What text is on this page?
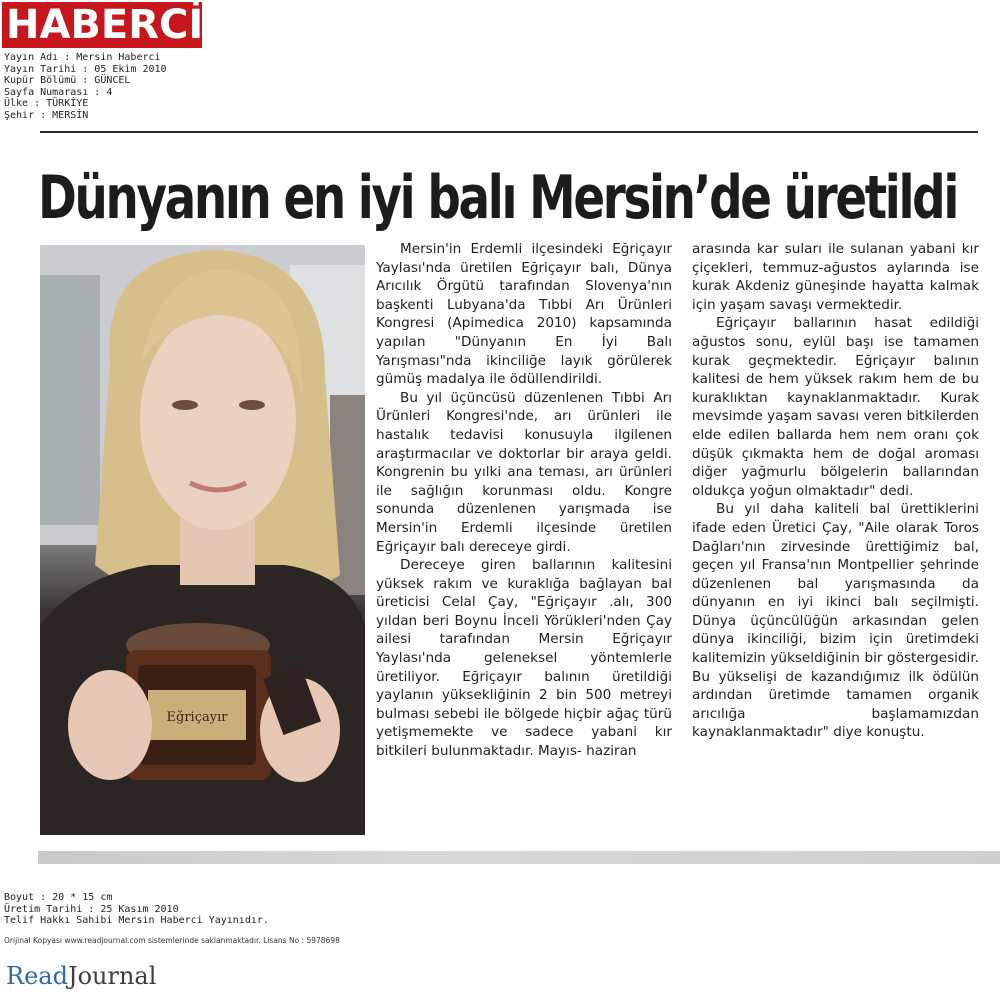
HABERCİ
Yayın Adı : Mersin Haberci
Yayın Tarihi : 05 Ekim 2010
Kupür Bölümü : GÜNCEL
Sayfa Numarası : 4
Ülke : TÜRKİYE
Şehir : MERSİN
Dünyanın en iyi balı Mersin’de üretildi
Eğriçayır

Mersin'in Erdemli ilçesindeki Eğriçayır Yaylası'nda üretilen Eğriçayır balı, Dünya Arıcılık Örgütü tarafından Slovenya'nın başkenti Lubyana'da Tıbbi Arı Ürünleri Kongresi (Apimedica 2010) kapsamında yapılan "Dünyanın En İyi Balı Yarışması"nda ikinciliğe layık görülerek gümüş madalya ile ödüllendirildi.

Bu yıl üçüncüsü düzenlenen Tıbbi Arı Ürünleri Kongresi'nde, arı ürünleri ile hastalık tedavisi konusuyla ilgilenen araştırmacılar ve doktorlar bir araya geldi. Kongrenin bu yılki ana teması, arı ürünleri ile sağlığın korunması oldu. Kongre sonunda düzenlenen yarışmada ise Mersin'in Erdemli ilçesinde üretilen Eğriçayır balı dereceye girdi.

Dereceye giren ballarının kalitesini yüksek rakım ve kuraklığa bağlayan bal üreticisi Celal Çay, "Eğriçayır .alı, 300 yıldan beri Boynu İnceli Yörükleri'nden Çay ailesi tarafından Mersin Eğriçayır Yaylası'nda geleneksel yöntemlerle üretiliyor. Eğriçayır balının üretildiği yaylanın yüksekliğinin 2 bin 500 metreyi bulması sebebi ile bölgede hiçbir ağaç türü yetişmemekte ve sadece yabani kır bitkileri bulunmaktadır. Mayıs- haziran

arasında kar suları ile sulanan yabani kır çiçekleri, temmuz-ağustos aylarında ise kurak Akdeniz güneşinde hayatta kalmak için yaşam savaşı vermektedir.

Eğriçayır ballarının hasat edildiği ağustos sonu, eylül başı ise tamamen kurak geçmektedir. Eğriçayır balının kalitesi de hem yüksek rakım hem de bu kuraklıktan kaynaklanmaktadır. Kurak mevsimde yaşam savası veren bitkilerden elde edilen ballarda hem nem oranı çok düşük çıkmakta hem de doğal aroması diğer yağmurlu bölgelerin ballarından oldukça yoğun olmaktadır" dedi.

Bu yıl daha kaliteli bal ürettiklerini ifade eden Üretici Çay, "Aile olarak Toros Dağları'nın zirvesinde ürettiğimiz bal, geçen yıl Fransa'nın Montpellier şehrinde düzenlenen bal yarışmasında da dünyanın en iyi ikinci balı seçilmişti. Dünya üçüncülüğün arkasından gelen dünya ikinciliği, bizim için üretimdeki kalitemizin yükseldiğinin bir göstergesidir. Bu yükselişi de kazandığımız ilk ödülün ardından üretimde tamamen organik arıcılığa başlamamızdan kaynaklanmaktadır" diye konuştu.

Boyut : 20 * 15 cm
Üretim Tarihi : 25 Kasım 2010
Telif Hakkı Sahibi Mersin Haberci Yayınıdır.
Orijinal Kopyası www.readjournal.com sistemlerinde saklanmaktadır. Lisans No : 5978698
ReadJournal
